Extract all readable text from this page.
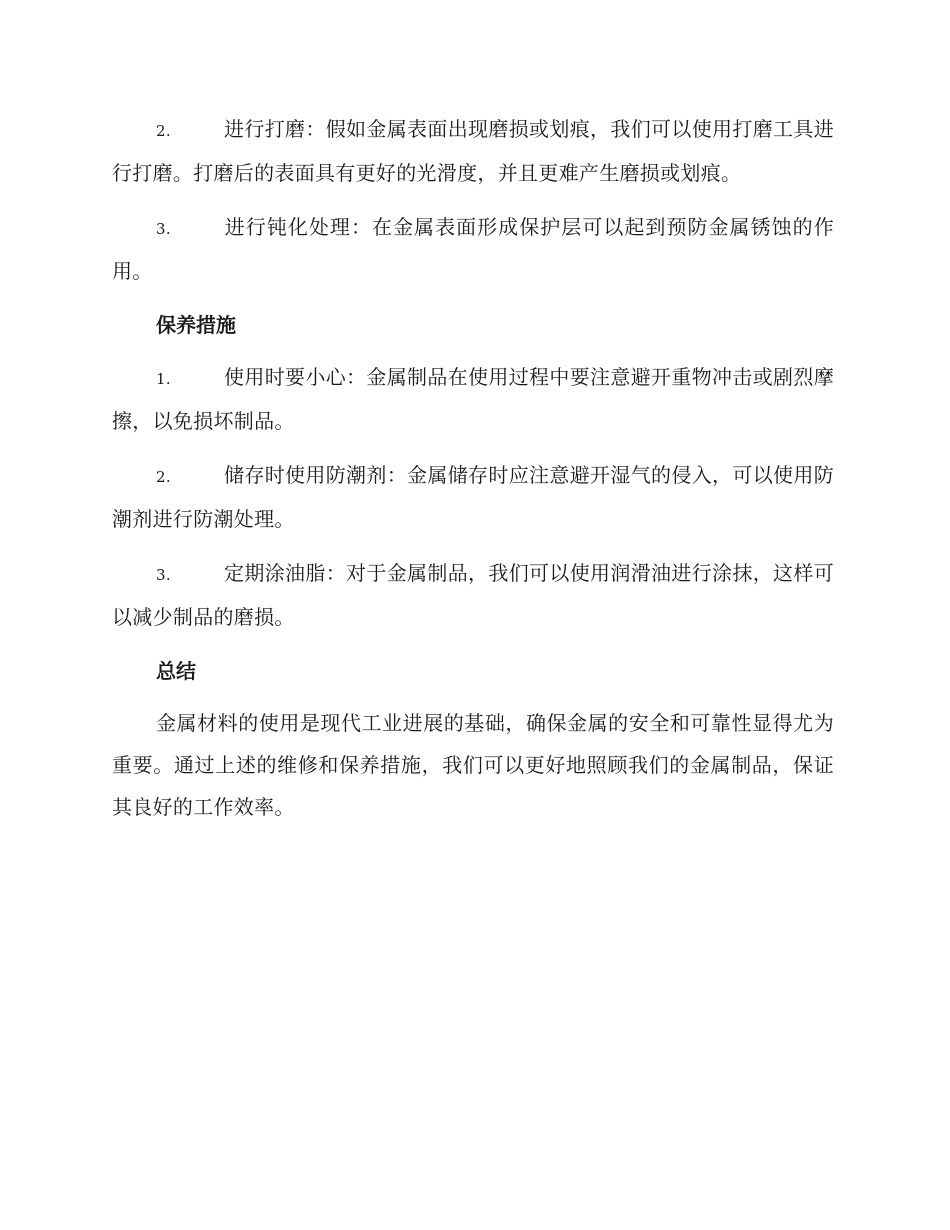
2.	进行打磨：假如金属表面出现磨损或划痕，我们可以使用打磨工具进行打磨。打磨后的表面具有更好的光滑度，并且更难产生磨损或划痕。

3.	进行钝化处理：在金属表面形成保护层可以起到预防金属锈蚀的作用。

保养措施

1.	使用时要小心：金属制品在使用过程中要注意避开重物冲击或剧烈摩擦，以免损坏制品。

2.	储存时使用防潮剂：金属储存时应注意避开湿气的侵入，可以使用防潮剂进行防潮处理。

3.	定期涂油脂：对于金属制品，我们可以使用润滑油进行涂抹，这样可以减少制品的磨损。

总结

金属材料的使用是现代工业进展的基础，确保金属的安全和可靠性显得尤为重要。通过上述的维修和保养措施，我们可以更好地照顾我们的金属制品，保证其良好的工作效率。
